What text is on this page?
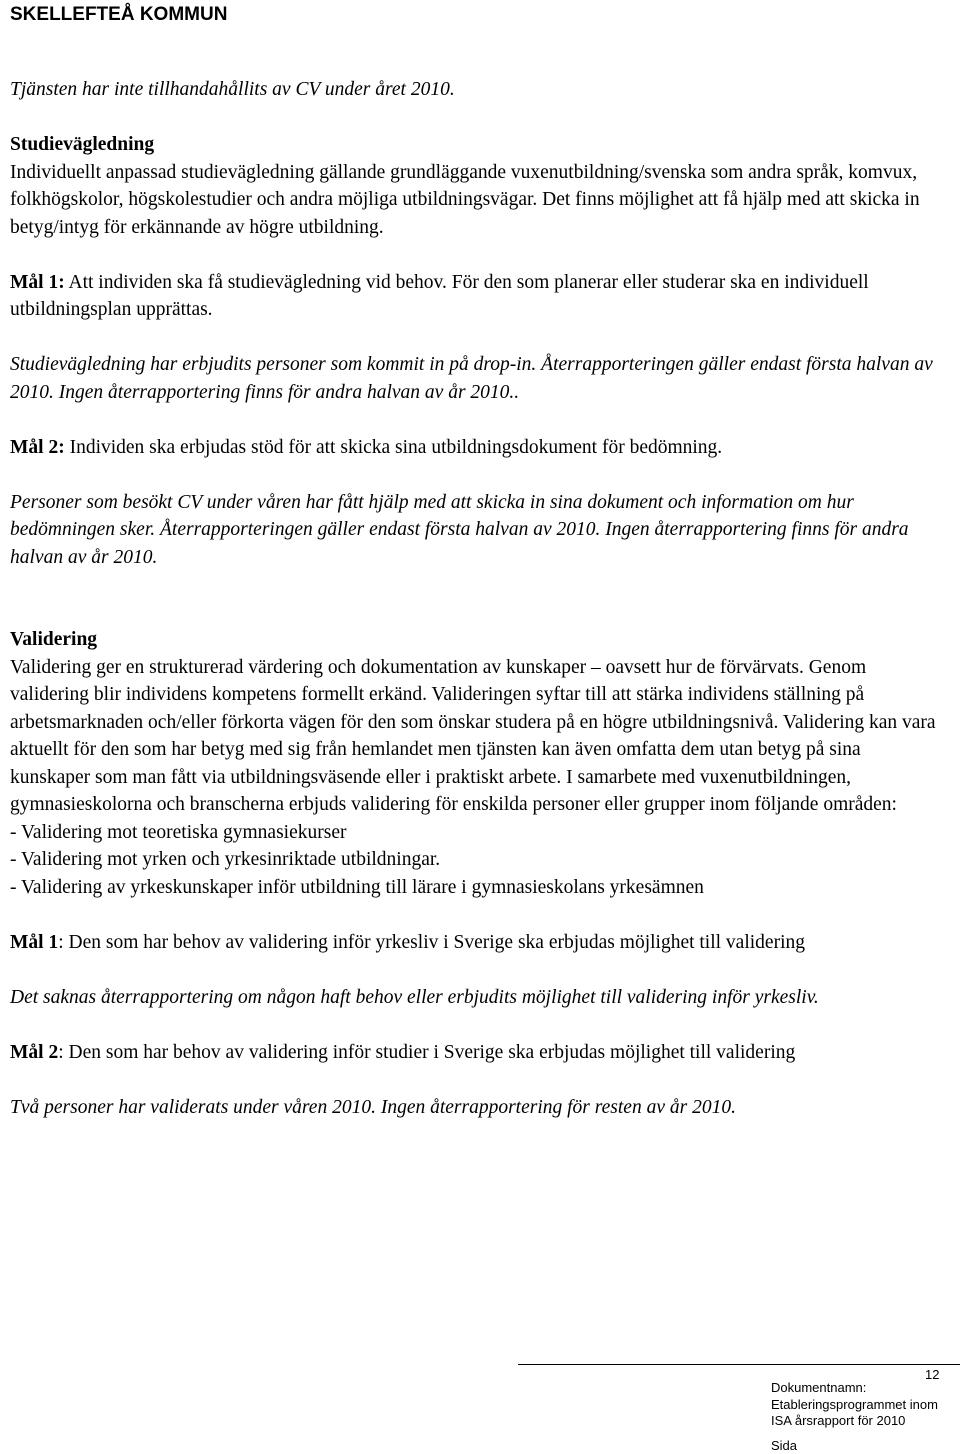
SKELLEFTEÅ KOMMUN

Tjänsten har inte tillhandahållits av CV under året 2010.

Studievägledning

Individuellt anpassad studievägledning gällande grundläggande vuxenutbildning/svenska som andra språk, komvux, folkhögskolor, högskolestudier och andra möjliga utbildningsvägar. Det finns möjlighet att få hjälp med att skicka in betyg/intyg för erkännande av högre utbildning.

Mål 1: Att individen ska få studievägledning vid behov. För den som planerar eller studerar ska en individuell utbildningsplan upprättas.

Studievägledning har erbjudits personer som kommit in på drop-in. Återrapporteringen gäller endast första halvan av 2010. Ingen återrapportering finns för andra halvan av år 2010..

Mål 2: Individen ska erbjudas stöd för att skicka sina utbildningsdokument för bedömning.

Personer som besökt CV under våren har fått hjälp med att skicka in sina dokument och information om hur bedömningen sker. Återrapporteringen gäller endast första halvan av 2010. Ingen återrapportering finns för andra halvan av år 2010.

Validering

Validering ger en strukturerad värdering och dokumentation av kunskaper – oavsett hur de förvärvats. Genom validering blir individens kompetens formellt erkänd. Valideringen syftar till att stärka individens ställning på arbetsmarknaden och/eller förkorta vägen för den som önskar studera på en högre utbildningsnivå. Validering kan vara aktuellt för den som har betyg med sig från hemlandet men tjänsten kan även omfatta dem utan betyg på sina kunskaper som man fått via utbildningsväsende eller i praktiskt arbete. I samarbete med vuxenutbildningen, gymnasieskolorna och branscherna erbjuds validering för enskilda personer eller grupper inom följande områden:

- Validering mot teoretiska gymnasiekurser

- Validering mot yrken och yrkesinriktade utbildningar.

- Validering av yrkeskunskaper inför utbildning till lärare i gymnasieskolans yrkesämnen

Mål 1: Den som har behov av validering inför yrkesliv i Sverige ska erbjudas möjlighet till validering

Det saknas återrapportering om någon haft behov eller erbjudits möjlighet till validering inför yrkesliv.

Mål 2: Den som har behov av validering inför studier i Sverige ska erbjudas möjlighet till validering

Två personer har validerats under våren 2010. Ingen återrapportering för resten av år 2010.

12
Dokumentnamn:
Etableringsprogrammet inom
ISA årsrapport för 2010
Sida
